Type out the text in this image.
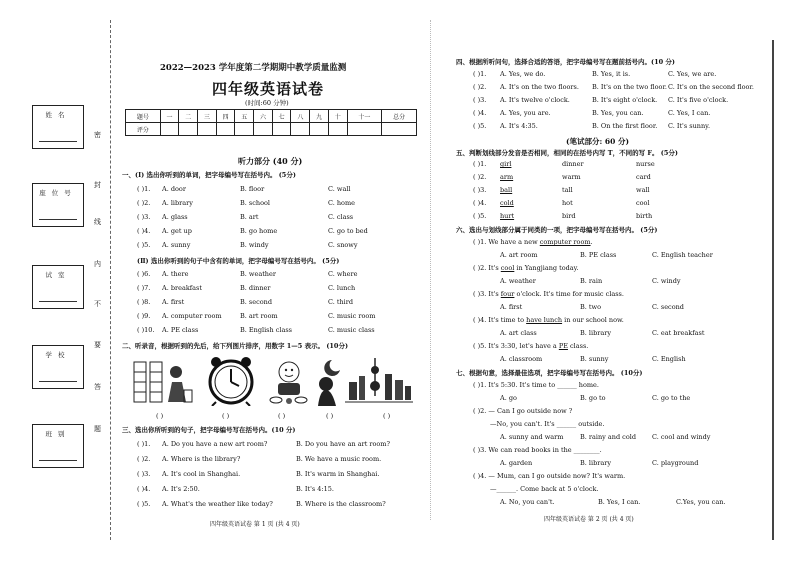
姓名
座位号
试室
学校
班别
密
封
线
内
不
要
答
题
2022—2023 学年度第二学期期中教学质量监测
四年级英语试卷
(时间:60 分钟)
题号	一	二	三	四	五	六	七	八	九	十	十一	总分
评分												
听力部分 (40 分)
一、(Ⅰ) 选出你听到的单词，把字母编号写在括号内。 (5分)
( )1. A. door	B. floor	C. wall
( )2. A. library	B. school	C. home
( )3. A. glass	B. art	C. class
( )4. A. get up	B. go home	C. go to bed
( )5. A. sunny	B. windy	C. snowy
(Ⅱ) 选出你听到的句子中含有的单词，把字母编号写在括号内。 (5分)
( )6. A. there	B. weather	C. where
( )7. A. breakfast	B. dinner	C. lunch
( )8. A. first	B. second	C. third
( )9. A. computer room	B. art room	C. music room
( )10. A. PE class	B. English class	C. music class
二、听录音，根据听到的先后，给下列图片排序，用数字 1—5 表示。 (10分)
( )	( )	( )	( )	( )
三、选出你所听到的句子，把字母编号写在括号内。(10 分)
( )1. A. Do you have a new art room?	B. Do you have an art room?
( )2. A. Where is the library?	B. We have a music room.
( )3. A. It's cool in Shanghai.	B. It's warm in Shanghai.
( )4. A. It's 2:50.	B. It's 4:15.
( )5. A. What's the weather like today?	B. Where is the classroom?
四年级英语试卷 第 1 页 (共 4 页)
四、根据所听问句，选择合适的答语，把字母编号写在题前括号内。(10 分)
( )1. A. Yes, we do.	B. Yes, it is.	C. Yes, we are.
( )2. A. It's on the two floors. B. It's on the two floor. C. It's on the second floor.
( )3. A. It's twelve o'clock.	B. It's eight o'clock. C. It's five o'clock.
( )4. A. Yes, you are.	B. Yes, you can.	C. Yes, I can.
( )5. A. It's 4:35.	B. On the first floor. C. It's sunny.
(笔试部分: 60 分)
五、判断划线部分发音是否相同，相同的在括号内写 T，不同的写 F。 (5分)
( )1. girl	dinner	nurse
( )2. arm	warm	card
( )3. ball	tall	wall
( )4. cold	hot	cool
( )5. hurt	bird	birth
六、选出与划线部分属于同类的一项，把字母编号写在括号内。 (5分)
( )1. We have a new computer room.
A. art room	B. PE class	C. English teacher
( )2. It's cool in Yangjiang today.
A. weather	B. rain	C. windy
( )3. It's four o'clock. It's time for music class.
A. first	B. two	C. second
( )4. It's time to have lunch in our school now.
A. art class	B. library	C. eat breakfast
( )5. It's 3:30, let's have a PE class.
A. classroom	B. sunny	C. English
七、根据句意，选择最佳选项，把字母编号写在括号内。 (10分)
( )1. It's 5:30. It's time to ______ home.
A. go	B. go to	C. go to the
( )2. — Can I go outside now ?
—No, you can't. It's ______ outside.
A. sunny and warm	B. rainy and cold C. cool and windy
( )3. We can read books in the ________.
A. garden	B. library	C. playground
( )4. — Mum, can I go outside now? It's warm.
—______. Come back at 5 o'clock.
A. No, you can't.	B. Yes, I can.	C.Yes, you can.
四年级英语试卷 第 2 页 (共 4 页)
